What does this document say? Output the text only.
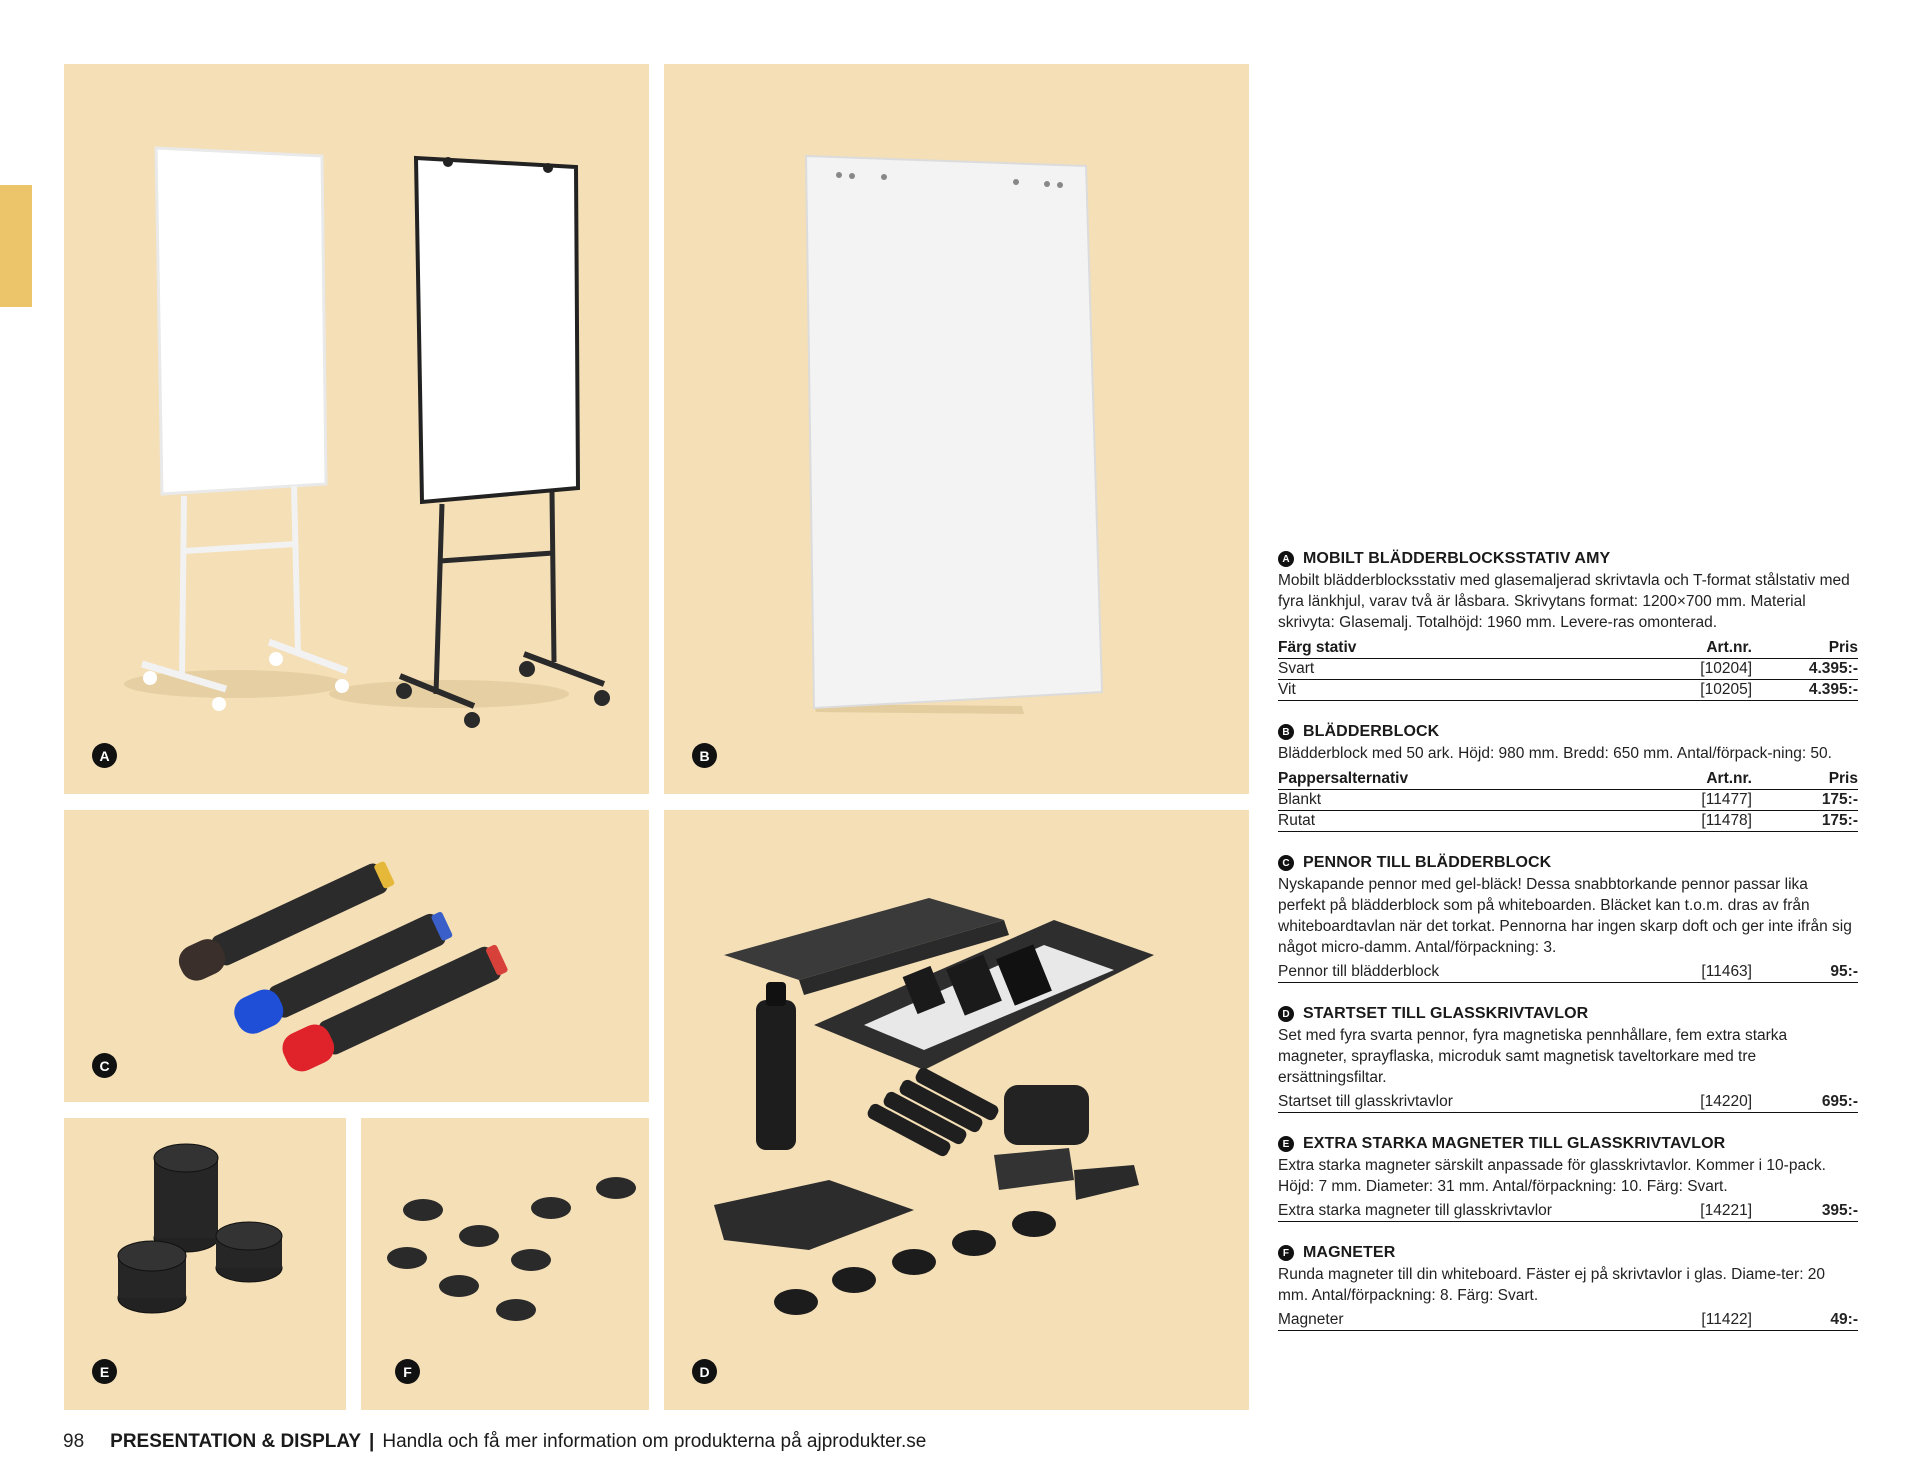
A	B
C
D
E	F
A MOBILT BLÄDDERBLOCKSSTATIV AMY
Mobilt blädderblocksstativ med glasemaljerad skrivtavla och T-format stålstativ med fyra länkhjul, varav två är låsbara. Skrivytans format: 1200×700 mm. Material skrivyta: Glasemalj. Totalhöjd: 1960 mm. Levere-ras omonterad.
Färg stativ	Art.nr.	Pris
Svart	[10204]	4.395:-
Vit	[10205]	4.395:-
B BLÄDDERBLOCK
Blädderblock med 50 ark. Höjd: 980 mm. Bredd: 650 mm. Antal/förpack-ning: 50.
Pappersalternativ	Art.nr.	Pris
Blankt	[11477]	175:-
Rutat	[11478]	175:-
C PENNOR TILL BLÄDDERBLOCK
Nyskapande pennor med gel-bläck! Dessa snabbtorkande pennor passar lika perfekt på blädderblock som på whiteboarden. Bläcket kan t.o.m. dras av från whiteboardtavlan när det torkat. Pennorna har ingen skarp doft och ger inte ifrån sig något micro-damm. Antal/förpackning: 3.
Pennor till blädderblock	[11463]	95:-
D STARTSET TILL GLASSKRIVTAVLOR
Set med fyra svarta pennor, fyra magnetiska pennhållare, fem extra starka magneter, sprayflaska, microduk samt magnetisk taveltorkare med tre ersättningsfiltar.
Startset till glasskrivtavlor	[14220]	695:-
E EXTRA STARKA MAGNETER TILL GLASSKRIVTAVLOR
Extra starka magneter särskilt anpassade för glasskrivtavlor. Kommer i 10-pack. Höjd: 7 mm. Diameter: 31 mm. Antal/förpackning: 10. Färg: Svart.
Extra starka magneter till glasskrivtavlor	[14221]	395:-
F MAGNETER
Runda magneter till din whiteboard. Fäster ej på skrivtavlor i glas. Diame-ter: 20 mm. Antal/förpackning: 8. Färg: Svart.
Magneter	[11422]	49:-
98 PRESENTATION & DISPLAY | Handla och få mer information om produkterna på ajprodukter.se
